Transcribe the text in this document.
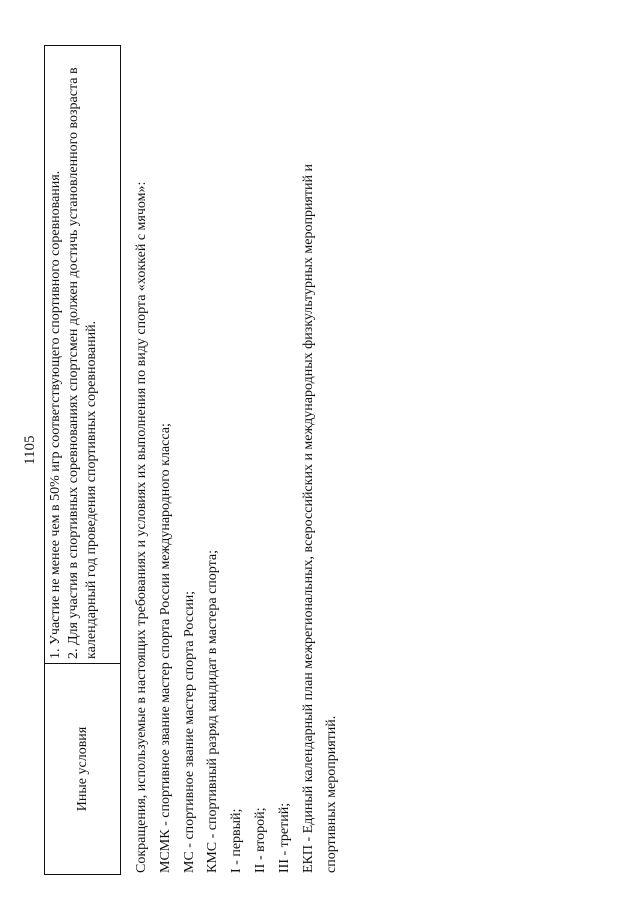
1105
Иные условия
1. Участие не менее чем в 50% игр соответствующего спортивного соревнования. 2. Для участия в спортивных соревнованиях спортсмен должен достичь установленного возраста в календарный год проведения спортивных соревнований.	Сокращения, используемые в настоящих требованиях и условиях их выполнения по виду спорта «хоккей с мячом»: МСМК - спортивное звание мастер спорта России международного класса; МС - спортивное звание мастер спорта России; КМС - спортивный разряд кандидат в мастера спорта; I - первый; II - второй; III - третий; ЕКП - Единый календарный план межрегиональных, всероссийских и международных физкультурных мероприятий и спортивных мероприятий.
